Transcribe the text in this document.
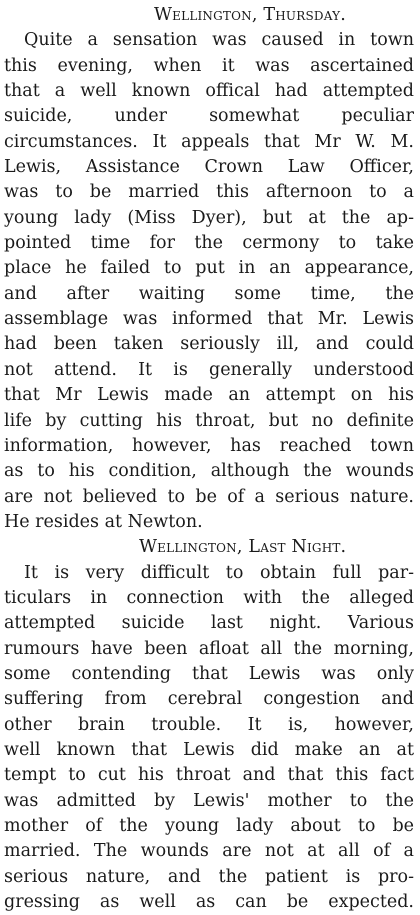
Wellington, Thursday.
Quite a sensation was caused in town
this evening, when it was ascertained
that a well known offical had attempted
suicide, under somewhat peculiar
circumstances. It appeals that Mr W. M.
Lewis, Assistance Crown Law Officer,
was to be married this afternoon to a
young lady (Miss Dyer), but at the ap-
pointed time for the cermony to take
place he failed to put in an appearance,
and after waiting some time, the
assemblage was informed that Mr. Lewis
had been taken seriously ill, and could
not attend. It is generally understood
that Mr Lewis made an attempt on his
life by cutting his throat, but no definite
information, however, has reached town
as to his condition, although the wounds
are not believed to be of a serious nature.
He resides at Newton.
Wellington, Last Night.
It is very difficult to obtain full par-
ticulars in connection with the alleged
attempted suicide last night. Various
rumours have been afloat all the morning,
some contending that Lewis was only
suffering from cerebral congestion and
other brain trouble. It is, however,
well known that Lewis did make an at
tempt to cut his throat and that this fact
was admitted by Lewis' mother to the
mother of the young lady about to be
married. The wounds are not at all of a
serious nature, and the patient is pro-
gressing as well as can be expected.
